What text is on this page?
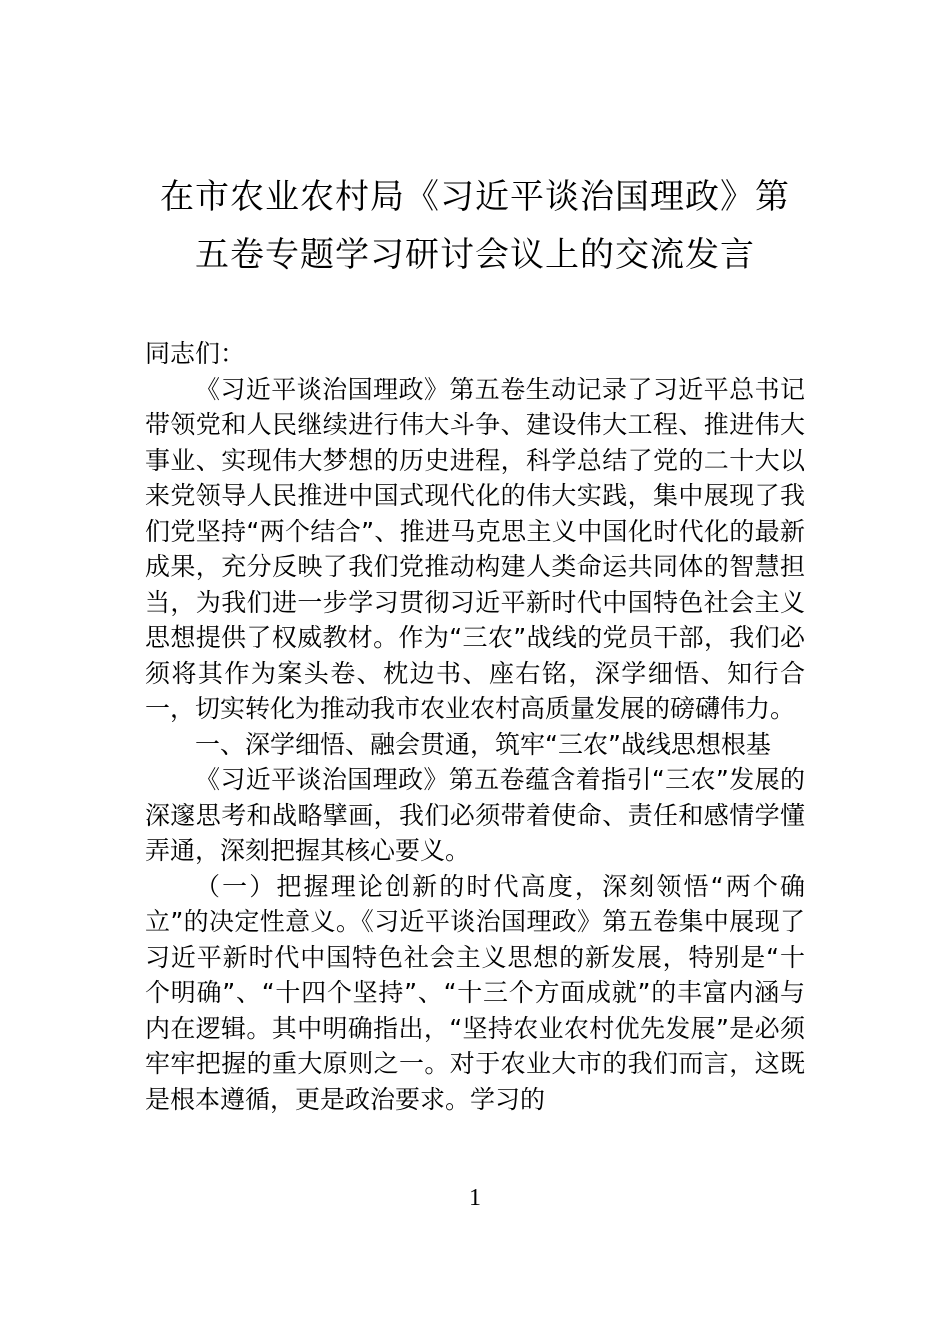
在市农业农村局《习近平谈治国理政》第
五卷专题学习研讨会议上的交流发言

同志们：

《习近平谈治国理政》第五卷生动记录了习近平总书记带领党和人民继续进行伟大斗争、建设伟大工程、推进伟大事业、实现伟大梦想的历史进程，科学总结了党的二十大以来党领导人民推进中国式现代化的伟大实践，集中展现了我们党坚持“两个结合”、推进马克思主义中国化时代化的最新成果，充分反映了我们党推动构建人类命运共同体的智慧担当，为我们进一步学习贯彻习近平新时代中国特色社会主义思想提供了权威教材。作为“三农”战线的党员干部，我们必须将其作为案头卷、枕边书、座右铭，深学细悟、知行合一，切实转化为推动我市农业农村高质量发展的磅礴伟力。

一、深学细悟、融会贯通，筑牢“三农”战线思想根基

《习近平谈治国理政》第五卷蕴含着指引“三农”发展的深邃思考和战略擘画，我们必须带着使命、责任和感情学懂弄通，深刻把握其核心要义。

（一）把握理论创新的时代高度，深刻领悟“两个确立”的决定性意义。《习近平谈治国理政》第五卷集中展现了习近平新时代中国特色社会主义思想的新发展，特别是“十个明确”、“十四个坚持”、“十三个方面成就”的丰富内涵与内在逻辑。其中明确指出，“坚持农业农村优先发展”是必须牢牢把握的重大原则之一。对于农业大市的我们而言，这既是根本遵循，更是政治要求。学习的

1
